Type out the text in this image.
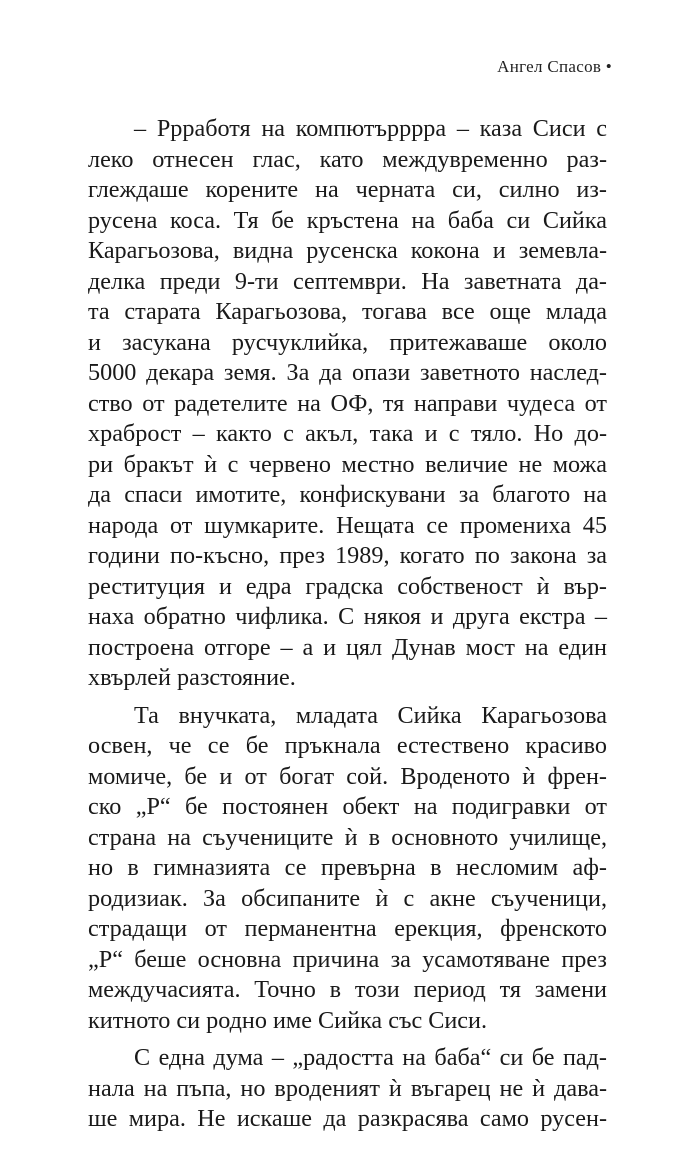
Ангел Спасов •
– Ррработя на компютърррра – каза Сиси с
леко отнесен глас, като междувременно раз-
глеждаше корените на черната си, силно из-
русена коса. Тя бе кръстена на баба си Сийка
Карагьозова, видна русенска кокона и земевла-
делка преди 9-ти септември. На заветната да-
та старата Карагьозова, тогава все още млада
и засукана русчуклийка, притежаваше около
5000 декара земя. За да опази заветното наслед-
ство от радетелите на ОФ, тя направи чудеса от
храброст – както с акъл, така и с тяло. Но до-
ри бракът ѝ с червено местно величие не можа
да спаси имотите, конфискувани за благото на
народа от шумкарите. Нещата се промениха 45
години по-късно, през 1989, когато по закона за
реституция и едра градска собственост ѝ вър-
наха обратно чифлика. С някоя и друга екстра –
построена отгоре – а и цял Дунав мост на един
хвърлей разстояние.
Та внучката, младата Сийка Карагьозова
освен, че се бе пръкнала естествено красиво
момиче, бе и от богат сой. Вроденото ѝ френ-
ско „Р“ бе постоянен обект на подигравки от
страна на съучениците ѝ в основното училище,
но в гимназията се превърна в несломим аф-
родизиак. За обсипаните ѝ с акне съученици,
страдащи от перманентна ерекция, френското
„Р“ беше основна причина за усамотяване през
междучасията. Точно в този период тя замени
китното си родно име Сийка със Сиси.
С една дума – „радостта на баба“ си бе пад-
нала на пъпа, но вроденият ѝ въгарец не ѝ дава-
ше мира. Не искаше да разкрасява само русен-
